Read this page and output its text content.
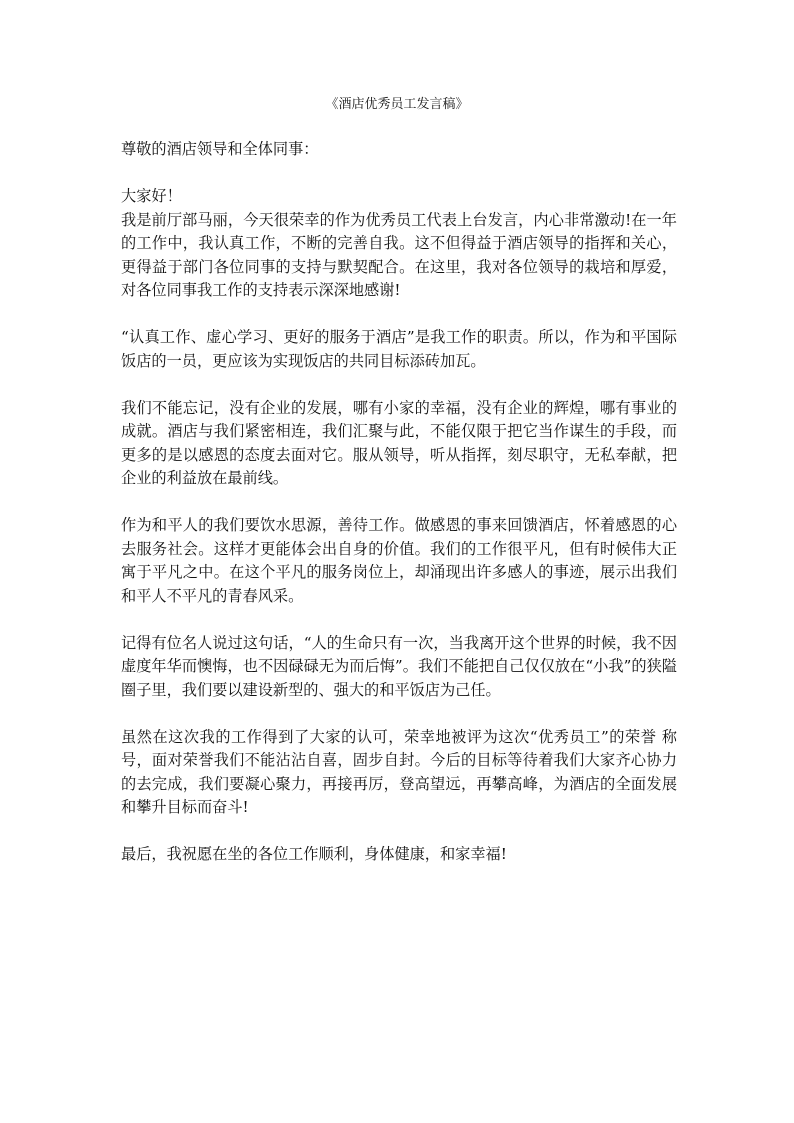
《酒店优秀员工发言稿》

尊敬的酒店领导和全体同事：

大家好！

我是前厅部马丽，今天很荣幸的作为优秀员工代表上台发言，内心非常激动!在一年的工作中，我认真工作，不断的完善自我。这不但得益于酒店领导的指挥和关心，更得益于部门各位同事的支持与默契配合。在这里，我对各位领导的栽培和厚爱，对各位同事我工作的支持表示深深地感谢!

“认真工作、虚心学习、更好的服务于酒店”是我工作的职责。所以，作为和平国际饭店的一员，更应该为实现饭店的共同目标添砖加瓦。

我们不能忘记，没有企业的发展，哪有小家的幸福，没有企业的辉煌，哪有事业的成就。酒店与我们紧密相连，我们汇聚与此，不能仅限于把它当作谋生的手段，而更多的是以感恩的态度去面对它。服从领导，听从指挥，刻尽职守，无私奉献，把企业的利益放在最前线。

作为和平人的我们要饮水思源，善待工作。做感恩的事来回馈酒店，怀着感恩的心去服务社会。这样才更能体会出自身的价值。我们的工作很平凡，但有时候伟大正寓于平凡之中。在这个平凡的服务岗位上，却涌现出许多感人的事迹，展示出我们和平人不平凡的青春风采。

记得有位名人说过这句话，“人的生命只有一次，当我离开这个世界的时候，我不因虚度年华而懊悔，也不因碌碌无为而后悔”。我们不能把自己仅仅放在“小我”的狭隘圈子里，我们要以建设新型的、强大的和平饭店为己任。

虽然在这次我的工作得到了大家的认可，荣幸地被评为这次“优秀员工”的荣誉 称号，面对荣誉我们不能沾沾自喜，固步自封。今后的目标等待着我们大家齐心协力的去完成，我们要凝心聚力，再接再厉，登高望远，再攀高峰，为酒店的全面发展和攀升目标而奋斗!

最后，我祝愿在坐的各位工作顺利，身体健康，和家幸福!
